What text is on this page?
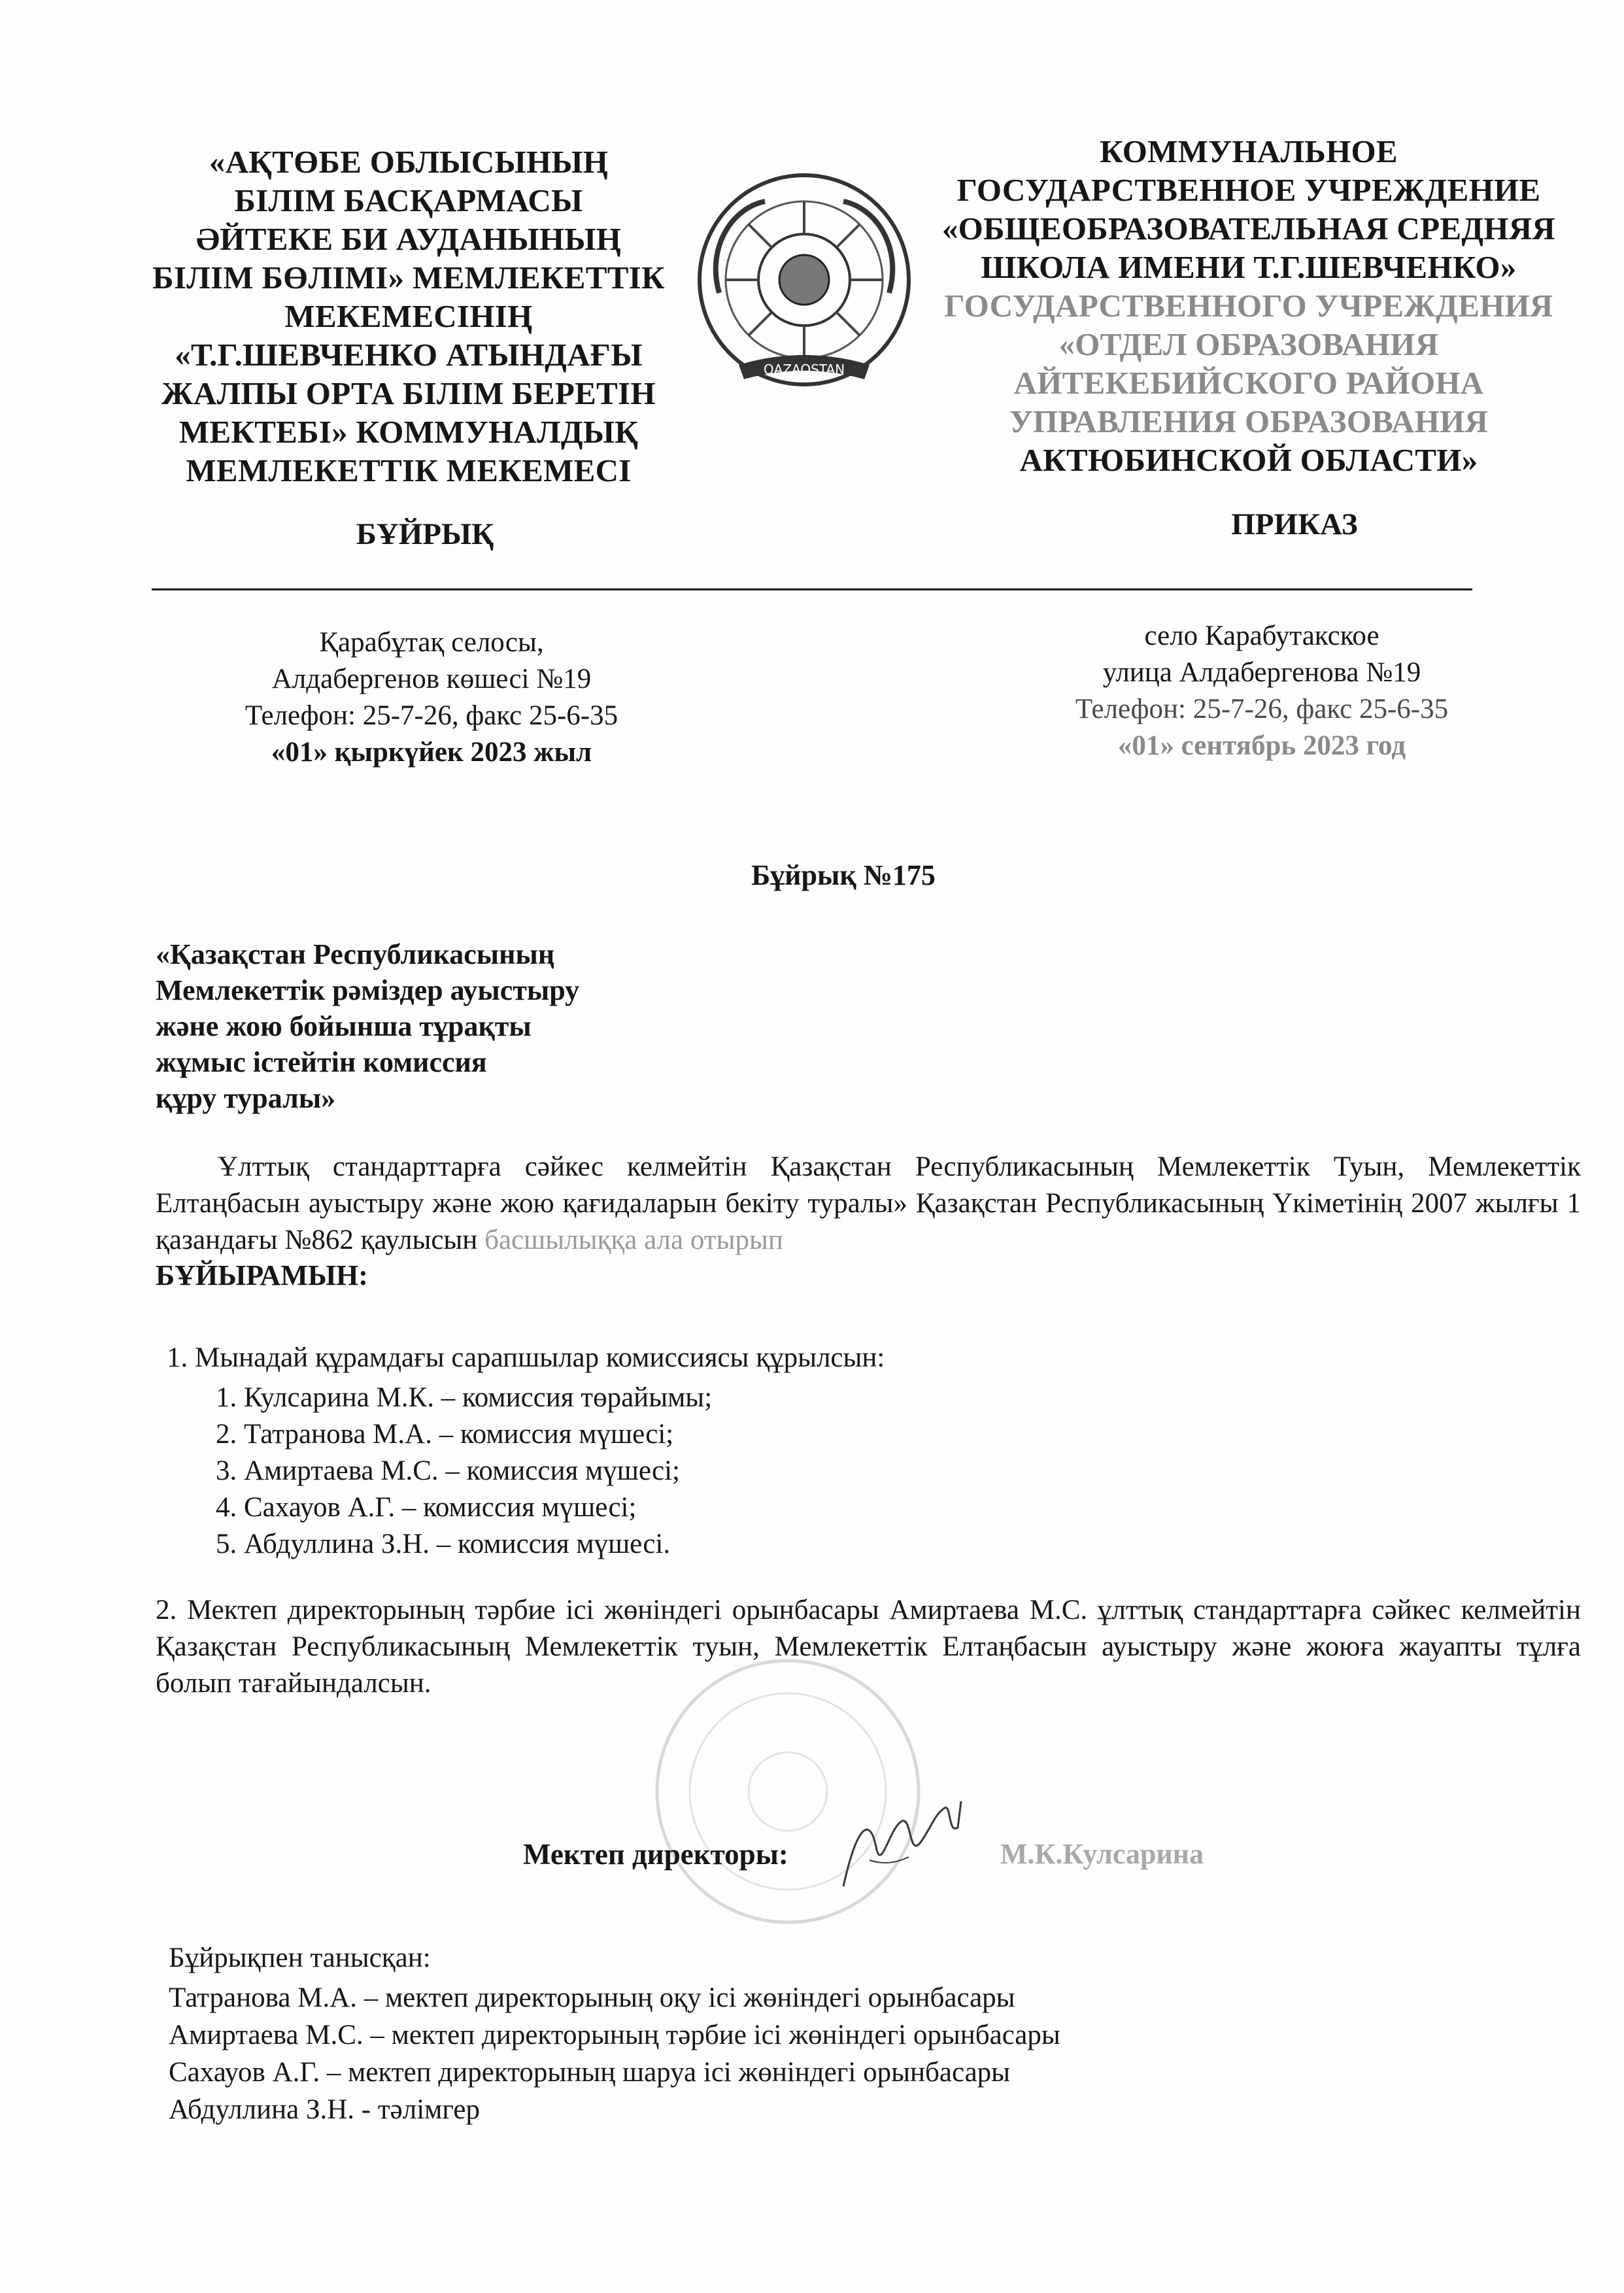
«АҚТӨБЕ ОБЛЫСЫНЫҢ
БІЛІМ БАСҚАРМАСЫ
ӘЙТЕКЕ БИ АУДАНЫНЫҢ
БІЛІМ БӨЛІМІ» МЕМЛЕКЕТТІК
МЕКЕМЕСІНІҢ
«Т.Г.ШЕВЧЕНКО АТЫНДАҒЫ
ЖАЛПЫ ОРТА БІЛІМ БЕРЕТІН
МЕКТЕБІ» КОММУНАЛДЫҚ
МЕМЛЕКЕТТІК МЕКЕМЕСІ
QAZAQSTAN
КОММУНАЛЬНОЕ
ГОСУДАРСТВЕННОЕ УЧРЕЖДЕНИЕ
«ОБЩЕОБРАЗОВАТЕЛЬНАЯ СРЕДНЯЯ
ШКОЛА ИМЕНИ Т.Г.ШЕВЧЕНКО»
ГОСУДАРСТВЕННОГО УЧРЕЖДЕНИЯ
«ОТДЕЛ ОБРАЗОВАНИЯ
АЙТЕКЕБИЙСКОГО РАЙОНА
УПРАВЛЕНИЯ ОБРАЗОВАНИЯ
АКТЮБИНСКОЙ ОБЛАСТИ»
БҰЙРЫҚ	ПРИКАЗ
Қарабұтақ селосы,
Алдабергенов көшесі №19
Телефон: 25-7-26, факс 25-6-35
«01» қыркүйек 2023 жыл
село Карабутакское
улица Алдабергенова №19
Телефон: 25-7-26, факс 25-6-35
«01» сентябрь 2023 год
Бұйрық №175
«Қазақстан Республикасының
Мемлекеттік рәміздер ауыстыру
және жою бойынша тұрақты
жұмыс істейтін комиссия
құру туралы»
Ұлттық стандарттарға сәйкес келмейтін Қазақстан Республикасының Мемлекеттік Туын, Мемлекеттік Елтаңбасын ауыстыру және жою қағидаларын бекіту туралы» Қазақстан Республикасының Үкіметінің 2007 жылғы 1 қазандағы №862 қаулысын басшылыққа ала отырып
БҰЙЫРАМЫН:
1. Мынадай құрамдағы сарапшылар комиссиясы құрылсын:
1. Кулсарина М.К. – комиссия төрайымы;
2. Татранова М.А. – комиссия мүшесі;
3. Амиртаева М.С. – комиссия мүшесі;
4. Сахауов А.Г. – комиссия мүшесі;
5. Абдуллина З.Н. – комиссия мүшесі.
2. Мектеп директорының тәрбие ісі жөніндегі орынбасары Амиртаева М.С. ұлттық стандарттарға сәйкес келмейтін Қазақстан Республикасының Мемлекеттік туын, Мемлекеттік Елтаңбасын ауыстыру және жоюға жауапты тұлға болып тағайындалсын.
Мектеп директоры:	М.К.Кулсарина
Бұйрықпен танысқан:
Татранова М.А. – мектеп директорының оқу ісі жөніндегі орынбасары
Амиртаева М.С. – мектеп директорының тәрбие ісі жөніндегі орынбасары
Сахауов А.Г. – мектеп директорының шаруа ісі жөніндегі орынбасары
Абдуллина З.Н. - тәлімгер
